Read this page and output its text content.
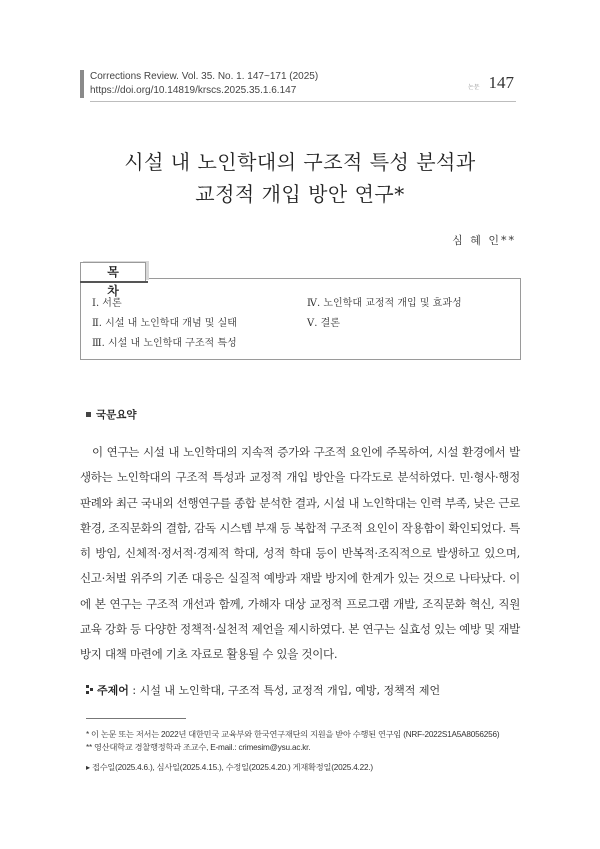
Corrections Review. Vol. 35. No. 1. 147~171 (2025)
https://doi.org/10.14819/krscs.2025.35.1.6.147	논문 147
시설 내 노인학대의 구조적 특성 분석과
교정적 개입 방안 연구*
심 혜 인**
목 차
Ⅰ. 서론
Ⅱ. 시설 내 노인학대 개념 및 실태
Ⅲ. 시설 내 노인학대 구조적 특성
Ⅳ. 노인학대 교정적 개입 및 효과성
Ⅴ. 결론
국문요약

이 연구는 시설 내 노인학대의 지속적 증가와 구조적 요인에 주목하여, 시설 환경에서 발생하는 노인학대의 구조적 특성과 교정적 개입 방안을 다각도로 분석하였다. 민·형사·행정 판례와 최근 국내외 선행연구를 종합 분석한 결과, 시설 내 노인학대는 인력 부족, 낮은 근로환경, 조직문화의 결함, 감독 시스템 부재 등 복합적 구조적 요인이 작용함이 확인되었다. 특히 방임, 신체적·정서적·경제적 학대, 성적 학대 등이 반복적·조직적으로 발생하고 있으며, 신고·처벌 위주의 기존 대응은 실질적 예방과 재발 방지에 한계가 있는 것으로 나타났다. 이에 본 연구는 구조적 개선과 함께, 가해자 대상 교정적 프로그램 개발, 조직문화 혁신, 직원 교육 강화 등 다양한 정책적·실천적 제언을 제시하였다. 본 연구는 실효성 있는 예방 및 재발 방지 대책 마련에 기초 자료로 활용될 수 있을 것이다.

주제어 : 시설 내 노인학대, 구조적 특성, 교정적 개입, 예방, 정책적 제언
* 이 논문 또는 저서는 2022년 대한민국 교육부와 한국연구재단의 지원을 받아 수행된 연구임 (NRF-2022S1A5A8056256)
** 영산대학교 경찰행정학과 조교수, E-mail.: crimesim@ysu.ac.kr.
▸ 접수일(2025.4.6.), 심사일(2025.4.15.), 수정일(2025.4.20.) 게재확정일(2025.4.22.)
